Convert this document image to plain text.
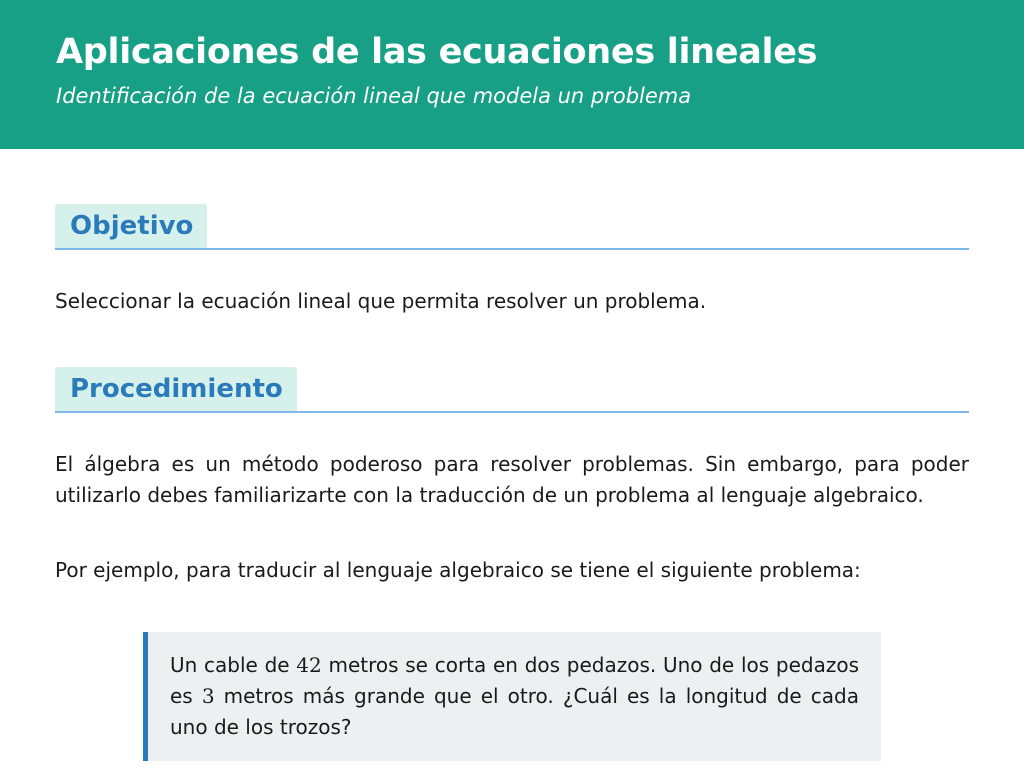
Aplicaciones de las ecuaciones lineales
Identificación de la ecuación lineal que modela un problema
Objetivo

Seleccionar la ecuación lineal que permita resolver un problema.

Procedimiento

El álgebra es un método poderoso para resolver problemas. Sin embargo, para poder utilizarlo debes familiarizarte con la traducción de un problema al lenguaje algebraico.

Por ejemplo, para traducir al lenguaje algebraico se tiene el siguiente problema:

Un cable de 42 metros se corta en dos pedazos. Uno de los pedazos es 3 metros más grande que el otro. ¿Cuál es la longitud de cada uno de los trozos?
